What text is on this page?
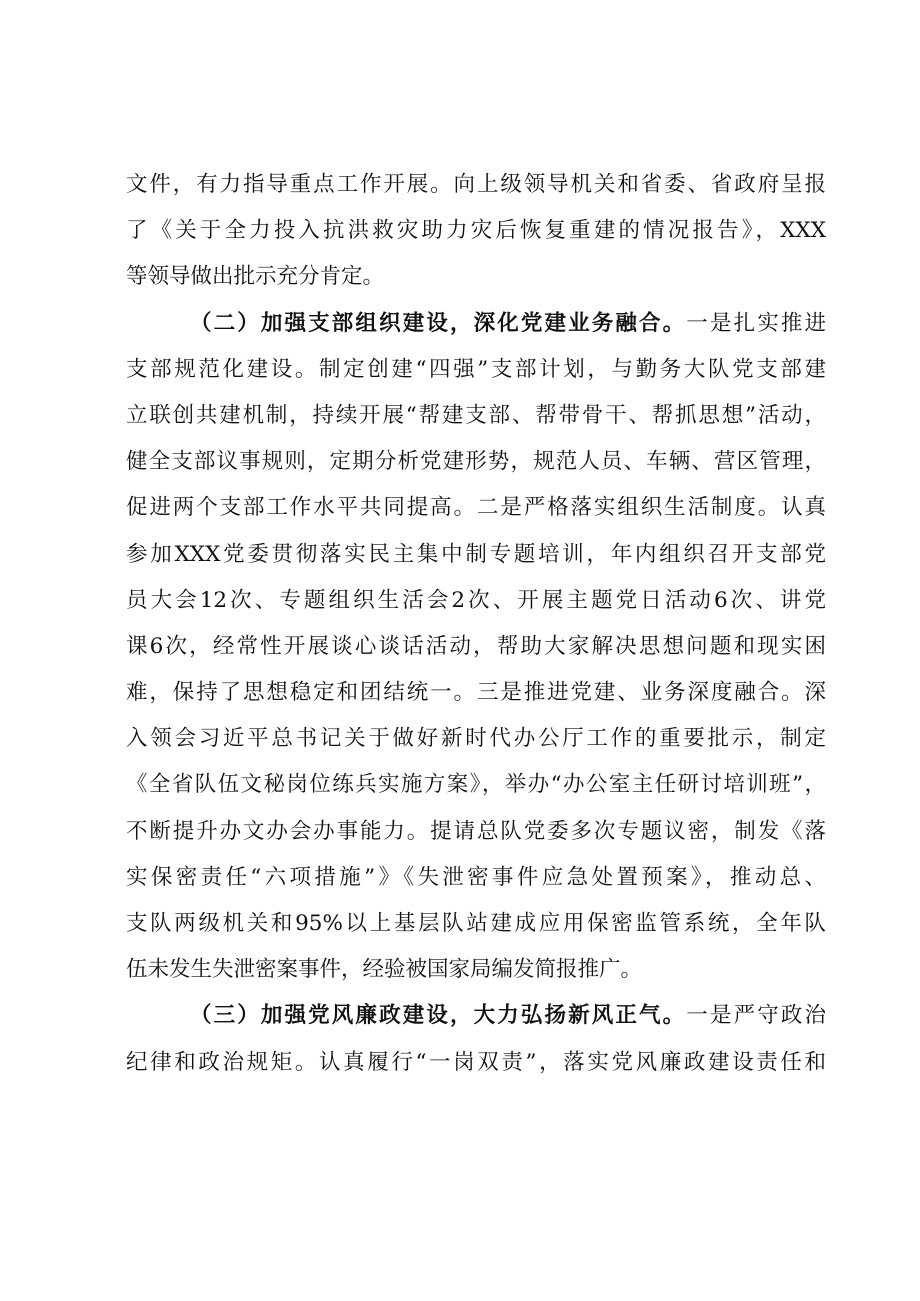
文件，有力指导重点工作开展。向上级领导机关和省委、省政府呈报
了《关于全力投入抗洪救灾助力灾后恢复重建的情况报告》，XXX
等领导做出批示充分肯定。
（二）加强支部组织建设，深化党建业务融合。一是扎实推进
支部规范化建设。制定创建“四强”支部计划，与勤务大队党支部建
立联创共建机制，持续开展“帮建支部、帮带骨干、帮抓思想”活动，
健全支部议事规则，定期分析党建形势，规范人员、车辆、营区管理，
促进两个支部工作水平共同提高。二是严格落实组织生活制度。认真
参加XXX党委贯彻落实民主集中制专题培训，年内组织召开支部党
员大会12次、专题组织生活会2次、开展主题党日活动6次、讲党
课6次，经常性开展谈心谈话活动，帮助大家解决思想问题和现实困
难，保持了思想稳定和团结统一。三是推进党建、业务深度融合。深
入领会习近平总书记关于做好新时代办公厅工作的重要批示，制定
《全省队伍文秘岗位练兵实施方案》，举办“办公室主任研讨培训班”，
不断提升办文办会办事能力。提请总队党委多次专题议密，制发《落
实保密责任“六项措施”》《失泄密事件应急处置预案》，推动总、
支队两级机关和95%以上基层队站建成应用保密监管系统，全年队
伍未发生失泄密案事件，经验被国家局编发简报推广。
（三）加强党风廉政建设，大力弘扬新风正气。一是严守政治
纪律和政治规矩。认真履行“一岗双责”，落实党风廉政建设责任和
